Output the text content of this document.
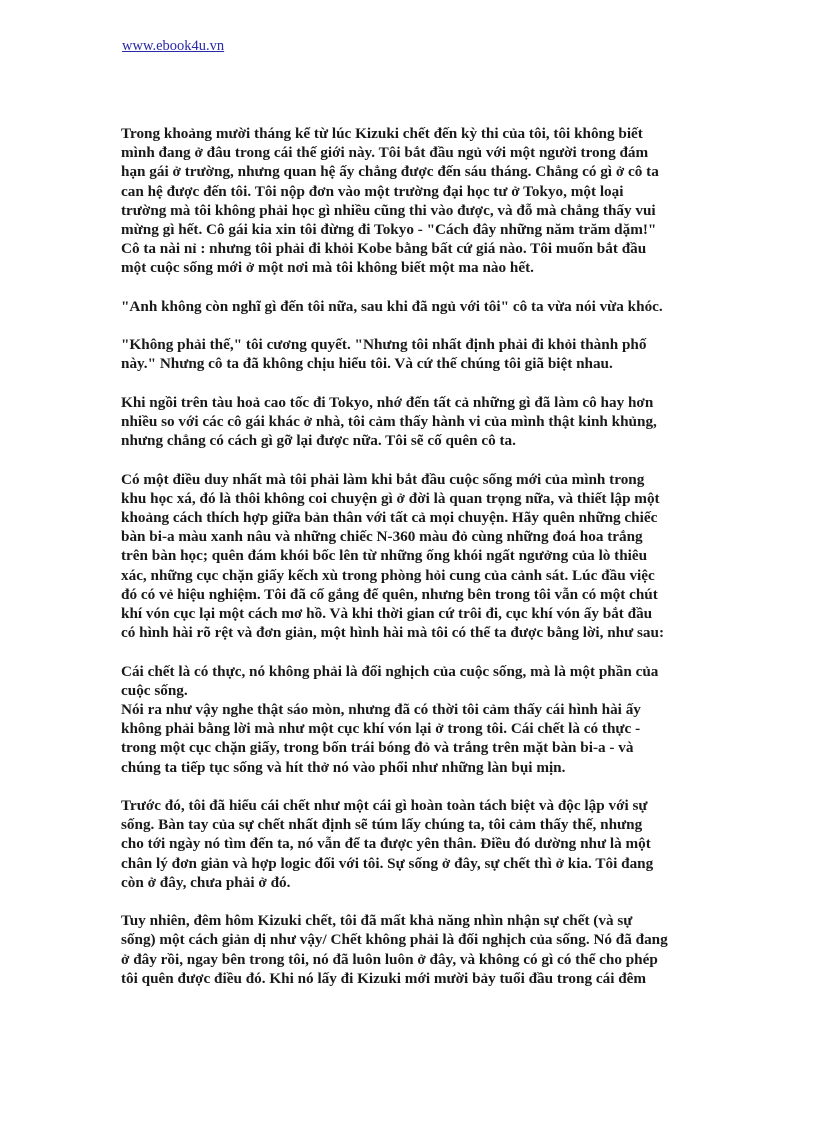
www.ebook4u.vn

Trong khoảng mười tháng kể từ lúc Kizuki chết đến kỳ thi của tôi, tôi không biết
mình đang ở đâu trong cái thế giới này. Tôi bắt đầu ngủ với một người trong đám
hạn gái ở trường, nhưng quan hệ ấy chẳng được đến sáu tháng. Chẳng có gì ở cô ta
can hệ được đến tôi. Tôi nộp đơn vào một trường đại học tư ở Tokyo, một loại
trường mà tôi không phải học gì nhiều cũng thi vào được, và đỗ mà chẳng thấy vui
mừng gì hết. Cô gái kia xin tôi đừng đi Tokyo - "Cách đây những năm trăm dặm!"
Cô ta nài nỉ : nhưng tôi phải đi khỏi Kobe bằng bất cứ giá nào. Tôi muốn bắt đầu
một cuộc sống mới ở một nơi mà tôi không biết một ma nào hết.

"Anh không còn nghĩ gì đến tôi nữa, sau khi đã ngủ với tôi" cô ta vừa nói vừa khóc.

"Không phải thế," tôi cương quyết. "Nhưng tôi nhất định phải đi khỏi thành phố
này." Nhưng cô ta đã không chịu hiểu tôi. Và cứ thế chúng tôi giã biệt nhau.

Khi ngồi trên tàu hoả cao tốc đi Tokyo, nhớ đến tất cả những gì đã làm cô hay hơn
nhiều so với các cô gái khác ở nhà, tôi cảm thấy hành vi của mình thật kinh khủng,
nhưng chẳng có cách gì gỡ lại được nữa. Tôi sẽ cố quên cô ta.

Có một điều duy nhất mà tôi phải làm khi bắt đầu cuộc sống mới của mình trong
khu học xá, đó là thôi không coi chuyện gì ở đời là quan trọng nữa, và thiết lập một
khoảng cách thích hợp giữa bản thân với tất cả mọi chuyện. Hãy quên những chiếc
bàn bi-a màu xanh nâu và những chiếc N-360 màu đỏ cùng những đoá hoa trắng
trên bàn học; quên đám khói bốc lên từ những ống khói ngất ngưởng của lò thiêu
xác, những cục chặn giấy kếch xù trong phòng hỏi cung của cảnh sát. Lúc đầu việc
đó có vẻ hiệu nghiệm. Tôi đã cố gắng để quên, nhưng bên trong tôi vẫn có một chút
khí vón cục lại một cách mơ hồ. Và khi thời gian cứ trôi đi, cục khí vón ấy bắt đầu
có hình hài rõ rệt và đơn giản, một hình hài mà tôi có thể ta được bằng lời, như sau:

Cái chết là có thực, nó không phải là đối nghịch của cuộc sống, mà là một phần của
cuộc sống.

Nói ra như vậy nghe thật sáo mòn, nhưng đã có thời tôi cảm thấy cái hình hài ấy
không phải bằng lời mà như một cục khí vón lại ở trong tôi. Cái chết là có thực -
trong một cục chặn giấy, trong bốn trái bóng đỏ và trắng trên mặt bàn bi-a - và
chúng ta tiếp tục sống và hít thở nó vào phổi như những làn bụi mịn.

Trước đó, tôi đã hiểu cái chết như một cái gì hoàn toàn tách biệt và độc lập với sự
sống. Bàn tay của sự chết nhất định sẽ túm lấy chúng ta, tôi cảm thấy thế, nhưng
cho tới ngày nó tìm đến ta, nó vẫn để ta được yên thân. Điều đó dường như là một
chân lý đơn giản và hợp logic đối với tôi. Sự sống ở đây, sự chết thì ở kia. Tôi đang
còn ở đây, chưa phải ở đó.

Tuy nhiên, đêm hôm Kizuki chết, tôi đã mất khả năng nhìn nhận sự chết (và sự
sống) một cách giản dị như vậy/ Chết không phải là đối nghịch của sống. Nó đã đang
ở đây rồi, ngay bên trong tôi, nó đã luôn luôn ở đây, và không có gì có thể cho phép
tôi quên được điều đó. Khi nó lấy đi Kizuki mới mười bảy tuổi đầu trong cái đêm
